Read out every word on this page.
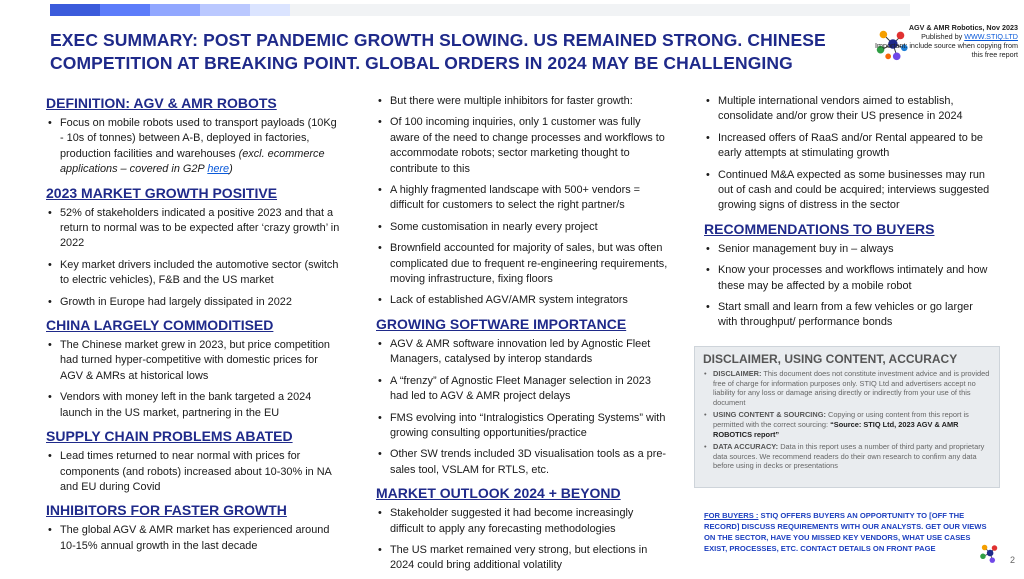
EXEC SUMMARY: POST PANDEMIC GROWTH SLOWING. US REMAINED STRONG. CHINESE
COMPETITION AT BREAKING POINT. GLOBAL ORDERS IN 2024 MAY BE CHALLENGING
AGV & AMR Robotics, Nov 2023
Published by WWW.STIQ.LTD
Important: include source when copying from this free report
DEFINITION: AGV & AMR ROBOTS
• Focus on mobile robots used to transport payloads (10Kg - 10s of tonnes) between A-B, deployed in factories, production facilities and warehouses (excl. ecommerce applications – covered in G2P here)
2023 MARKET GROWTH POSITIVE
• 52% of stakeholders indicated a positive 2023 and that a return to normal was to be expected after ‘crazy growth’ in 2022
• Key market drivers included the automotive sector (switch to electric vehicles), F&B and the US market
• Growth in Europe had largely dissipated in 2022
CHINA LARGELY COMMODITISED
• The Chinese market grew in 2023, but price competition had turned hyper-competitive with domestic prices for AGV & AMRs at historical lows
• Vendors with money left in the bank targeted a 2024 launch in the US market, partnering in the EU
SUPPLY CHAIN PROBLEMS ABATED
• Lead times returned to near normal with prices for components (and robots) increased about 10-30% in NA and EU during Covid
INHIBITORS FOR FASTER GROWTH
• The global AGV & AMR market has experienced around 10-15% annual growth in the last decade
• But there were multiple inhibitors for faster growth:
• Of 100 incoming inquiries, only 1 customer was fully aware of the need to change processes and workflows to accommodate robots; sector marketing thought to contribute to this
• A highly fragmented landscape with 500+ vendors = difficult for customers to select the right partner/s
• Some customisation in nearly every project
• Brownfield accounted for majority of sales, but was often complicated due to frequent re-engineering requirements, moving infrastructure, fixing floors
• Lack of established AGV/AMR system integrators
GROWING SOFTWARE IMPORTANCE
• AGV & AMR software innovation led by Agnostic Fleet Managers, catalysed by interop standards
• A “frenzy” of Agnostic Fleet Manager selection in 2023 had led to AGV & AMR project delays
• FMS evolving into “Intralogistics Operating Systems” with growing consulting opportunities/practice
• Other SW trends included 3D visualisation tools as a pre-sales tool, VSLAM for RTLS, etc.
MARKET OUTLOOK 2024 + BEYOND
• Stakeholder suggested it had become increasingly difficult to apply any forecasting methodologies
• The US market remained very strong, but elections in 2024 could bring additional volatility
• Multiple international vendors aimed to establish, consolidate and/or grow their US presence in 2024
• Increased offers of RaaS and/or Rental appeared to be early attempts at stimulating growth
• Continued M&A expected as some businesses may run out of cash and could be acquired; interviews suggested growing signs of distress in the sector
RECOMMENDATIONS TO BUYERS
• Senior management buy in – always
• Know your processes and workflows intimately and how these may be affected by a mobile robot
• Start small and learn from a few vehicles or go larger with throughput/ performance bonds
DISCLAIMER, USING CONTENT, ACCURACY
• DISCLAIMER: This document does not constitute investment advice and is provided free of charge for information purposes only. STIQ Ltd and advertisers accept no liability for any loss or damage arising directly or indirectly from your use of this document
• USING CONTENT & SOURCING: Copying or using content from this report is permitted with the correct sourcing: “Source: STIQ Ltd, 2023 AGV & AMR ROBOTICS report”
• DATA ACCURACY: Data in this report uses a number of third party and proprietary data sources. We recommend readers do their own research to confirm any data before using in decks or presentations
FOR BUYERS : STIQ OFFERS BUYERS AN OPPORTUNITY TO [OFF THE RECORD] DISCUSS REQUIREMENTS WITH OUR ANALYSTS. GET OUR VIEWS ON THE SECTOR, HAVE YOU MISSED KEY VENDORS, WHAT USE CASES EXIST, PROCESSES, ETC. CONTACT DETAILS ON FRONT PAGE
2
